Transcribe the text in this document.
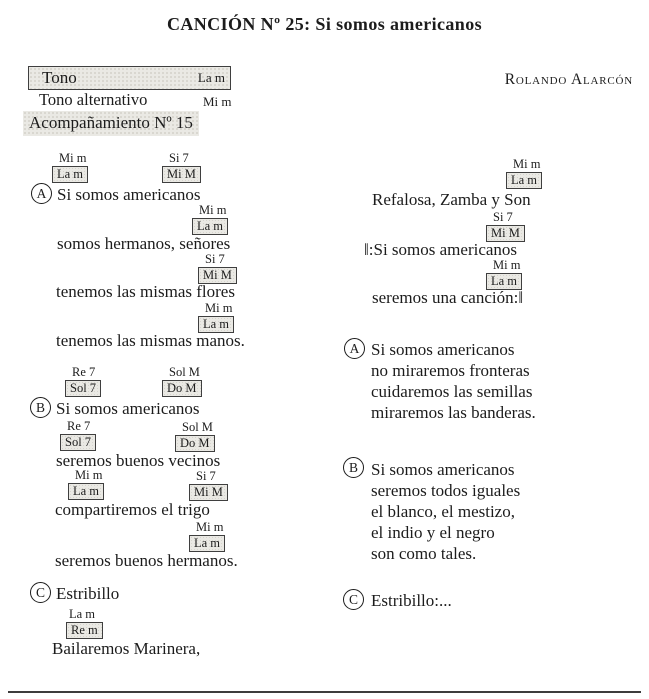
CANCIÓN Nº 25: Si somos americanos
Tono	La m
Tono alternativo	Mi m
Acompañamiento Nº 15
Rolando Alarcón
Mi m
La m
Si 7
Mi M
Mi m
La m
Si 7
Mi M
Mi m
La m
Re 7
Sol 7
Sol M
Do M
Re 7
Sol 7
Sol M
Do M
Mi m
La m
Si 7
Mi M
Mi m
La m
La m
Re m
A Si somos americanos
somos hermanos, señores
tenemos las mismas flores
tenemos las mismas manos.
B Si somos americanos
seremos buenos vecinos
compartiremos el trigo
seremos buenos hermanos.
C Estribillo
Bailaremos Marinera,
Mi m
La m
Si 7
Mi M
Mi m
La m
Refalosa, Zamba y Son
‖:Si somos americanos
seremos una canción:‖
A Si somos americanos
no miraremos fronteras
cuidaremos las semillas
miraremos las banderas.
B Si somos americanos
seremos todos iguales
el blanco, el mestizo,
el indio y el negro
son como tales.
C Estribillo:...
